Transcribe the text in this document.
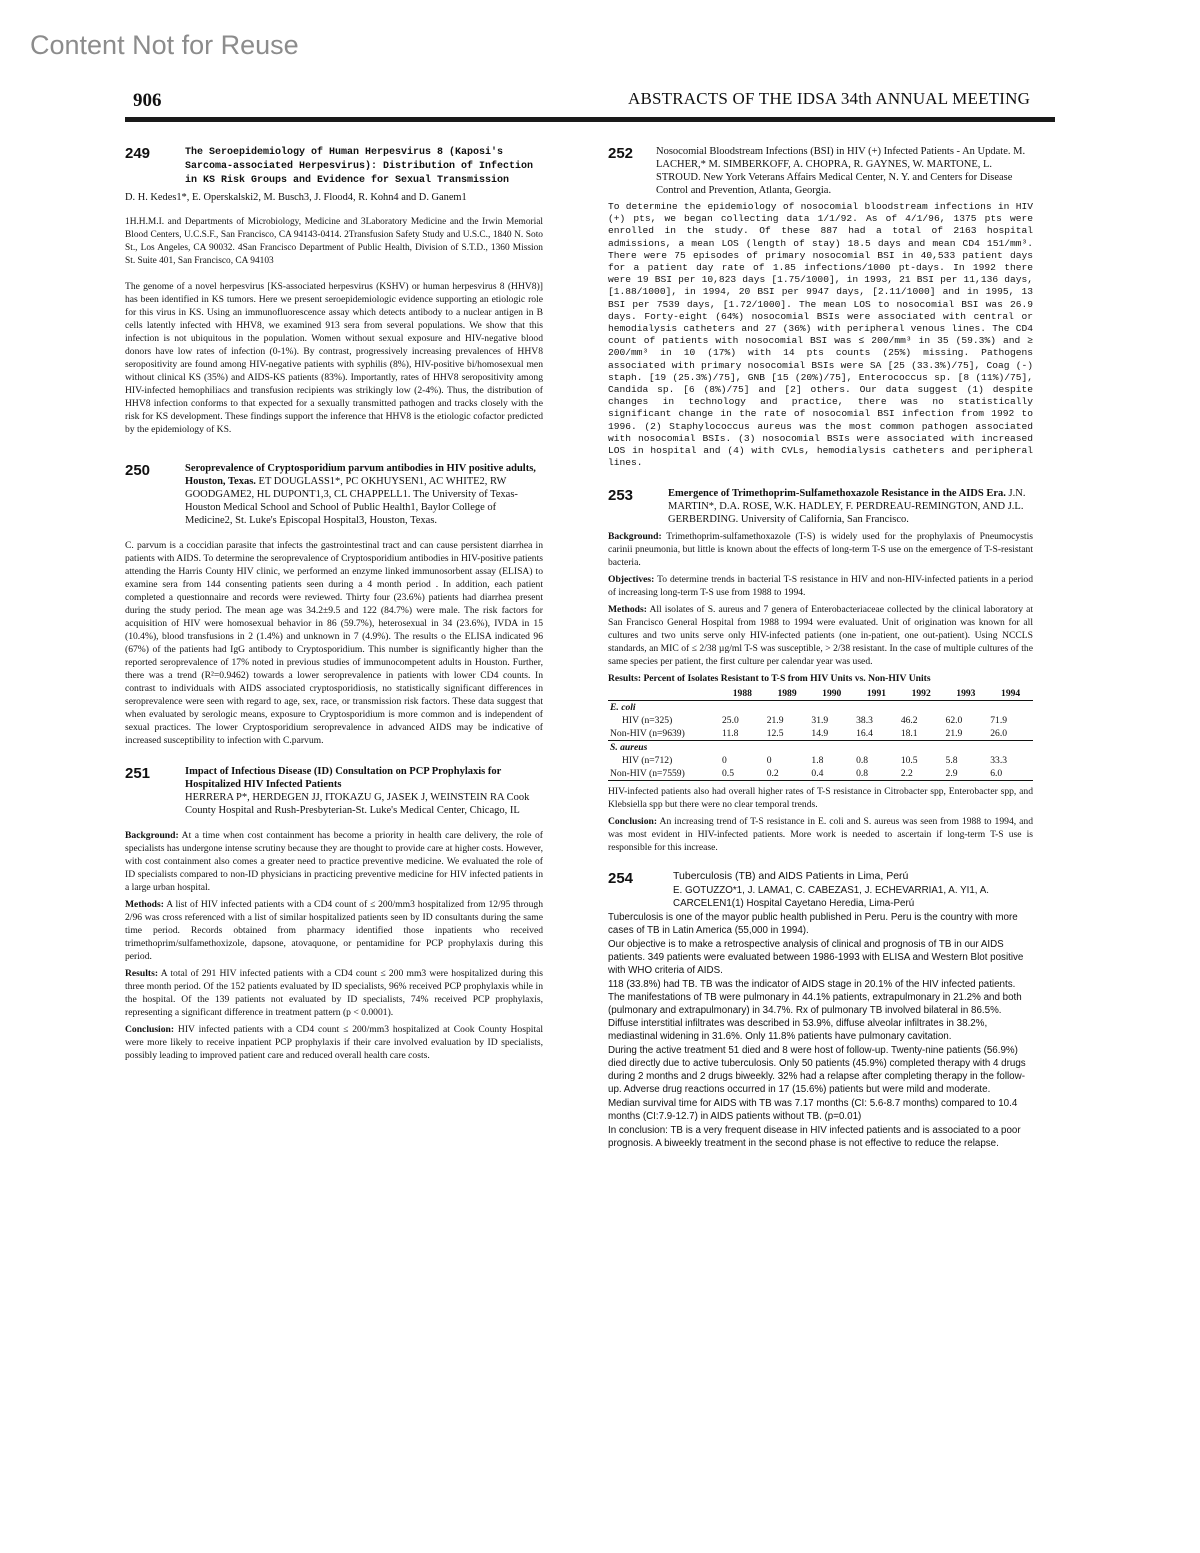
Content Not for Reuse
906	ABSTRACTS OF THE IDSA 34th ANNUAL MEETING
249	The Seroepidemiology of Human Herpesvirus 8 (Kaposi's Sarcoma-associated Herpesvirus): Distribution of Infection in KS Risk Groups and Evidence for Sexual Transmission
D. H. Kedes1*, E. Operskalski2, M. Busch3, J. Flood4, R. Kohn4 and D. Ganem1
1H.H.M.I. and Departments of Microbiology, Medicine and 3Laboratory Medicine and the Irwin Memorial Blood Centers, U.C.S.F., San Francisco, CA 94143-0414. 2Transfusion Safety Study and U.S.C., 1840 N. Soto St., Los Angeles, CA 90032. 4San Francisco Department of Public Health, Division of S.T.D., 1360 Mission St. Suite 401, San Francisco, CA 94103
The genome of a novel herpesvirus [KS-associated herpesvirus (KSHV) or human herpesvirus 8 (HHV8)] has been identified in KS tumors. Here we present seroepidemiologic evidence supporting an etiologic role for this virus in KS. Using an immunofluorescence assay which detects antibody to a nuclear antigen in B cells latently infected with HHV8, we examined 913 sera from several populations. We show that this infection is not ubiquitous in the population. Women without sexual exposure and HIV-negative blood donors have low rates of infection (0-1%). By contrast, progressively increasing prevalences of HHV8 seropositivity are found among HIV-negative patients with syphilis (8%), HIV-positive bi/homosexual men without clinical KS (35%) and AIDS-KS patients (83%). Importantly, rates of HHV8 seropositivity among HIV-infected hemophiliacs and transfusion recipients was strikingly low (2-4%). Thus, the distribution of HHV8 infection conforms to that expected for a sexually transmitted pathogen and tracks closely with the risk for KS development. These findings support the inference that HHV8 is the etiologic cofactor predicted by the epidemiology of KS.
250	Seroprevalence of Cryptosporidium parvum antibodies in HIV positive adults, Houston, Texas. ET DOUGLASS1*, PC OKHUYSEN1, AC WHITE2, RW GOODGAME2, HL DUPONT1,3, CL CHAPPELL1. The University of Texas-Houston Medical School and School of Public Health1, Baylor College of Medicine2, St. Luke's Episcopal Hospital3, Houston, Texas.
C. parvum is a coccidian parasite that infects the gastrointestinal tract and can cause persistent diarrhea in patients with AIDS. To determine the seroprevalence of Cryptosporidium antibodies in HIV-positive patients attending the Harris County HIV clinic, we performed an enzyme linked immunosorbent assay (ELISA) to examine sera from 144 consenting patients seen during a 4 month period . In addition, each patient completed a questionnaire and records were reviewed. Thirty four (23.6%) patients had diarrhea present during the study period. The mean age was 34.2±9.5 and 122 (84.7%) were male. The risk factors for acquisition of HIV were homosexual behavior in 86 (59.7%), heterosexual in 34 (23.6%), IVDA in 15 (10.4%), blood transfusions in 2 (1.4%) and unknown in 7 (4.9%). The results o the ELISA indicated 96 (67%) of the patients had IgG antibody to Cryptosporidium. This number is significantly higher than the reported seroprevalence of 17% noted in previous studies of immunocompetent adults in Houston. Further, there was a trend (R²=0.9462) towards a lower seroprevalence in patients with lower CD4 counts. In contrast to individuals with AIDS associated cryptosporidiosis, no statistically significant differences in seroprevalence were seen with regard to age, sex, race, or transmission risk factors. These data suggest that when evaluated by serologic means, exposure to Cryptosporidium is more common and is independent of sexual practices. The lower Cryptosporidium seroprevalence in advanced AIDS may be indicative of increased susceptibility to infection with C.parvum.
251	Impact of Infectious Disease (ID) Consultation on PCP Prophylaxis for Hospitalized HIV Infected Patients
HERRERA P*, HERDEGEN JJ, ITOKAZU G, JASEK J, WEINSTEIN RA Cook County Hospital and Rush-Presbyterian-St. Luke's Medical Center, Chicago, IL
Background: At a time when cost containment has become a priority in health care delivery, the role of specialists has undergone intense scrutiny because they are thought to provide care at higher costs. However, with cost containment also comes a greater need to practice preventive medicine. We evaluated the role of ID specialists compared to non-ID physicians in practicing preventive medicine for HIV infected patients in a large urban hospital.
Methods: A list of HIV infected patients with a CD4 count of ≤ 200/mm3 hospitalized from 12/95 through 2/96 was cross referenced with a list of similar hospitalized patients seen by ID consultants during the same time period. Records obtained from pharmacy identified those inpatients who received trimethoprim/sulfamethoxizole, dapsone, atovaquone, or pentamidine for PCP prophylaxis during this period.
Results: A total of 291 HIV infected patients with a CD4 count ≤ 200 mm3 were hospitalized during this three month period. Of the 152 patients evaluated by ID specialists, 96% received PCP prophylaxis while in the hospital. Of the 139 patients not evaluated by ID specialists, 74% received PCP prophylaxis, representing a significant difference in treatment pattern (p < 0.0001).
Conclusion: HIV infected patients with a CD4 count ≤ 200/mm3 hospitalized at Cook County Hospital were more likely to receive inpatient PCP prophylaxis if their care involved evaluation by ID specialists, possibly leading to improved patient care and reduced overall health care costs.
252 Nosocomial Bloodstream Infections (BSI) in HIV (+) Infected Patients - An Update. M. LACHER,* M. SIMBERKOFF, A. CHOPRA, R. GAYNES, W. MARTONE, L. STROUD. New York Veterans Affairs Medical Center, N. Y. and Centers for Disease Control and Prevention, Atlanta, Georgia.
To determine the epidemiology of nosocomial bloodstream infections in HIV (+) pts, we began collecting data 1/1/92. As of 4/1/96, 1375 pts were enrolled in the study. Of these 887 had a total of 2163 hospital admissions, a mean LOS (length of stay) 18.5 days and mean CD4 151/mm³. There were 75 episodes of primary nosocomial BSI in 40,533 patient days for a patient day rate of 1.85 infections/1000 pt-days. In 1992 there were 19 BSI per 10,823 days [1.75/1000], in 1993, 21 BSI per 11,136 days, [1.88/1000], in 1994, 20 BSI per 9947 days, [2.11/1000] and in 1995, 13 BSI per 7539 days, [1.72/1000]. The mean LOS to nosocomial BSI was 26.9 days. Forty-eight (64%) nosocomial BSIs were associated with central or hemodialysis catheters and 27 (36%) with peripheral venous lines. The CD4 count of patients with nosocomial BSI was ≤ 200/mm³ in 35 (59.3%) and ≥ 200/mm³ in 10 (17%) with 14 pts counts (25%) missing. Pathogens associated with primary nosocomial BSIs were SA [25 (33.3%)/75], Coag (-) staph. [19 (25.3%)/75], GNB [15 (20%)/75], Enterococcus sp. [8 (11%)/75], Candida sp. [6 (8%)/75] and [2] others. Our data suggest (1) despite changes in technology and practice, there was no statistically significant change in the rate of nosocomial BSI infection from 1992 to 1996. (2) Staphylococcus aureus was the most common pathogen associated with nosocomial BSIs. (3) nosocomial BSIs were associated with increased LOS in hospital and (4) with CVLs, hemodialysis catheters and peripheral lines.
253	Emergence of Trimethoprim-Sulfamethoxazole Resistance in the AIDS Era. J.N. MARTIN*, D.A. ROSE, W.K. HADLEY, F. PERDREAU-REMINGTON, AND J.L. GERBERDING. University of California, San Francisco.
Background: Trimethoprim-sulfamethoxazole (T-S) is widely used for the prophylaxis of Pneumocystis carinii pneumonia, but little is known about the effects of long-term T-S use on the emergence of T-S-resistant bacteria.
Objectives: To determine trends in bacterial T-S resistance in HIV and non-HIV-infected patients in a period of increasing long-term T-S use from 1988 to 1994.
Methods: All isolates of S. aureus and 7 genera of Enterobacteriaceae collected by the clinical laboratory at San Francisco General Hospital from 1988 to 1994 were evaluated. Unit of origination was known for all cultures and two units serve only HIV-infected patients (one in-patient, one out-patient). Using NCCLS standards, an MIC of ≤ 2/38 µg/ml T-S was susceptible, > 2/38 resistant. In the case of multiple cultures of the same species per patient, the first culture per calendar year was used.
Results: Percent of Isolates Resistant to T-S from HIV Units vs. Non-HIV Units
	1988	1989	1990	1991	1992	1993	1994
E. coli							
HIV (n=325)	25.0	21.9	31.9	38.3	46.2	62.0	71.9
Non-HIV (n=9639)	11.8	12.5	14.9	16.4	18.1	21.9	26.0
S. aureus							
HIV (n=712)	0	0	1.8	0.8	10.5	5.8	33.3
Non-HIV (n=7559)	0.5	0.2	0.4	0.8	2.2	2.9	6.0
HIV-infected patients also had overall higher rates of T-S resistance in Citrobacter spp, Enterobacter spp, and Klebsiella spp but there were no clear temporal trends.
Conclusion: An increasing trend of T-S resistance in E. coli and S. aureus was seen from 1988 to 1994, and was most evident in HIV-infected patients. More work is needed to ascertain if long-term T-S use is responsible for this increase.
254	Tuberculosis (TB) and AIDS Patients in Lima, Perú
E. GOTUZZO*1, J. LAMA1, C. CABEZAS1, J. ECHEVARRIA1, A. YI1, A. CARCELEN1(1) Hospital Cayetano Heredia, Lima-Perú
Tuberculosis is one of the mayor public health published in Peru. Peru is the country with more cases of TB in Latin America (55,000 in 1994).
Our objective is to make a retrospective analysis of clinical and prognosis of TB in our AIDS patients. 349 patients were evaluated between 1986-1993 with ELISA and Western Blot positive with WHO criteria of AIDS.
118 (33.8%) had TB. TB was the indicator of AIDS stage in 20.1% of the HIV infected patients. The manifestations of TB were pulmonary in 44.1% patients, extrapulmonary in 21.2% and both (pulmonary and extrapulmonary) in 34.7%. Rx of pulmonary TB involved bilateral in 86.5%. Diffuse interstitial infiltrates was described in 53.9%, diffuse alveolar infiltrates in 38.2%, mediastinal widening in 31.6%. Only 11.8% patients have pulmonary cavitation.
During the active treatment 51 died and 8 were host of follow-up. Twenty-nine patients (56.9%) died directly due to active tuberculosis. Only 50 patients (45.9%) completed therapy with 4 drugs during 2 months and 2 drugs biweekly. 32% had a relapse after completing therapy in the follow-up. Adverse drug reactions occurred in 17 (15.6%) patients but were mild and moderate.
Median survival time for AIDS with TB was 7.17 months (CI: 5.6-8.7 months) compared to 10.4 months (CI:7.9-12.7) in AIDS patients without TB. (p=0.01)
In conclusion: TB is a very frequent disease in HIV infected patients and is associated to a poor prognosis. A biweekly treatment in the second phase is not effective to reduce the relapse.
